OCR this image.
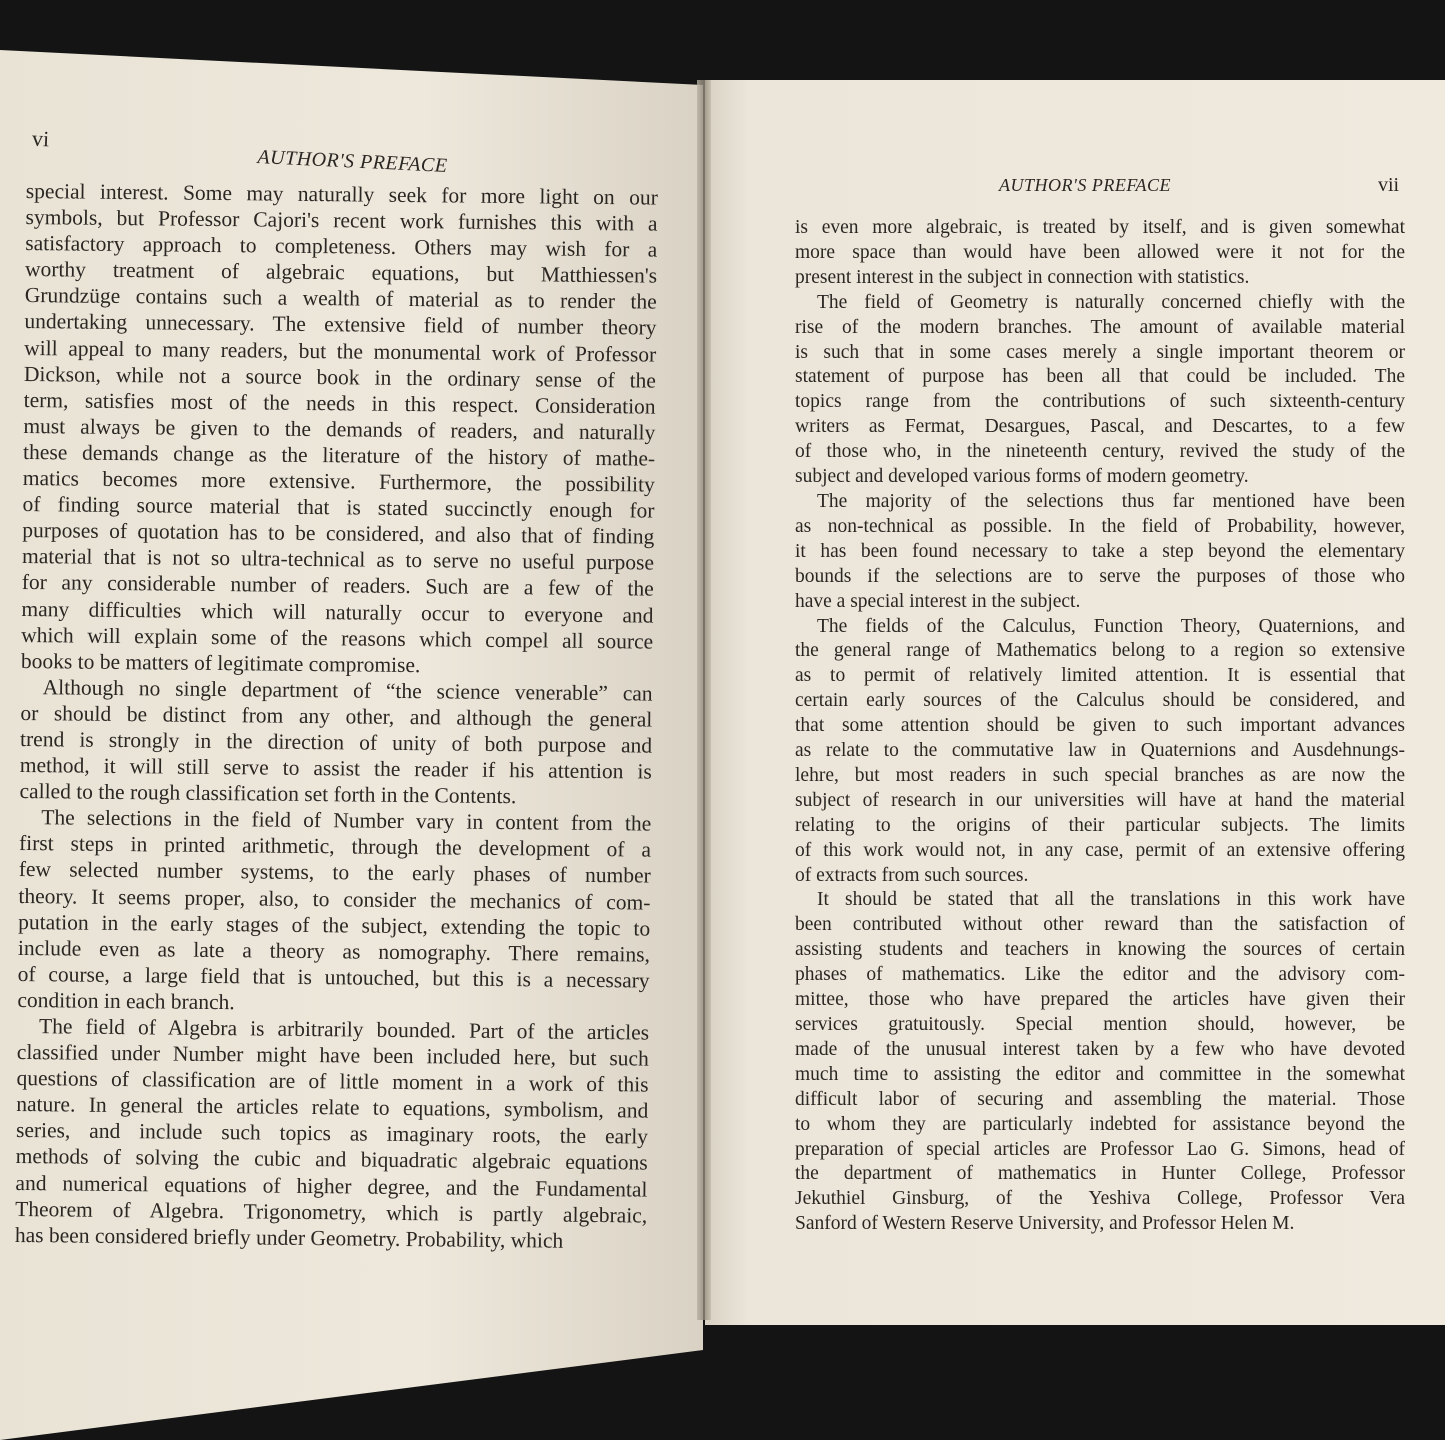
vi
AUTHOR'S PREFACE

special interest. Some may naturally seek for more light on our
symbols, but Professor Cajori's recent work furnishes this with a
satisfactory approach to completeness. Others may wish for a
worthy treatment of algebraic equations, but Matthiessen's
Grundzüge contains such a wealth of material as to render the
undertaking unnecessary. The extensive field of number theory
will appeal to many readers, but the monumental work of Professor
Dickson, while not a source book in the ordinary sense of the
term, satisfies most of the needs in this respect. Consideration
must always be given to the demands of readers, and naturally
these demands change as the literature of the history of mathe-
matics becomes more extensive. Furthermore, the possibility
of finding source material that is stated succinctly enough for
purposes of quotation has to be considered, and also that of finding
material that is not so ultra-technical as to serve no useful purpose
for any considerable number of readers. Such are a few of the
many difficulties which will naturally occur to everyone and
which will explain some of the reasons which compel all source
books to be matters of legitimate compromise.

Although no single department of “the science venerable” can
or should be distinct from any other, and although the general
trend is strongly in the direction of unity of both purpose and
method, it will still serve to assist the reader if his attention is
called to the rough classification set forth in the Contents.

The selections in the field of Number vary in content from the
first steps in printed arithmetic, through the development of a
few selected number systems, to the early phases of number
theory. It seems proper, also, to consider the mechanics of com-
putation in the early stages of the subject, extending the topic to
include even as late a theory as nomography. There remains,
of course, a large field that is untouched, but this is a necessary
condition in each branch.

The field of Algebra is arbitrarily bounded. Part of the articles
classified under Number might have been included here, but such
questions of classification are of little moment in a work of this
nature. In general the articles relate to equations, symbolism, and
series, and include such topics as imaginary roots, the early
methods of solving the cubic and biquadratic algebraic equations
and numerical equations of higher degree, and the Fundamental
Theorem of Algebra. Trigonometry, which is partly algebraic,
has been considered briefly under Geometry. Probability, which

AUTHOR'S PREFACE	vii

is even more algebraic, is treated by itself, and is given somewhat
more space than would have been allowed were it not for the
present interest in the subject in connection with statistics.

The field of Geometry is naturally concerned chiefly with the
rise of the modern branches. The amount of available material
is such that in some cases merely a single important theorem or
statement of purpose has been all that could be included. The
topics range from the contributions of such sixteenth-century
writers as Fermat, Desargues, Pascal, and Descartes, to a few
of those who, in the nineteenth century, revived the study of the
subject and developed various forms of modern geometry.

The majority of the selections thus far mentioned have been
as non-technical as possible. In the field of Probability, however,
it has been found necessary to take a step beyond the elementary
bounds if the selections are to serve the purposes of those who
have a special interest in the subject.

The fields of the Calculus, Function Theory, Quaternions, and
the general range of Mathematics belong to a region so extensive
as to permit of relatively limited attention. It is essential that
certain early sources of the Calculus should be considered, and
that some attention should be given to such important advances
as relate to the commutative law in Quaternions and Ausdehnungs-
lehre, but most readers in such special branches as are now the
subject of research in our universities will have at hand the material
relating to the origins of their particular subjects. The limits
of this work would not, in any case, permit of an extensive offering
of extracts from such sources.

It should be stated that all the translations in this work have
been contributed without other reward than the satisfaction of
assisting students and teachers in knowing the sources of certain
phases of mathematics. Like the editor and the advisory com-
mittee, those who have prepared the articles have given their
services gratuitously. Special mention should, however, be
made of the unusual interest taken by a few who have devoted
much time to assisting the editor and committee in the somewhat
difficult labor of securing and assembling the material. Those
to whom they are particularly indebted for assistance beyond the
preparation of special articles are Professor Lao G. Simons, head of
the department of mathematics in Hunter College, Professor
Jekuthiel Ginsburg, of the Yeshiva College, Professor Vera
Sanford of Western Reserve University, and Professor Helen M.
